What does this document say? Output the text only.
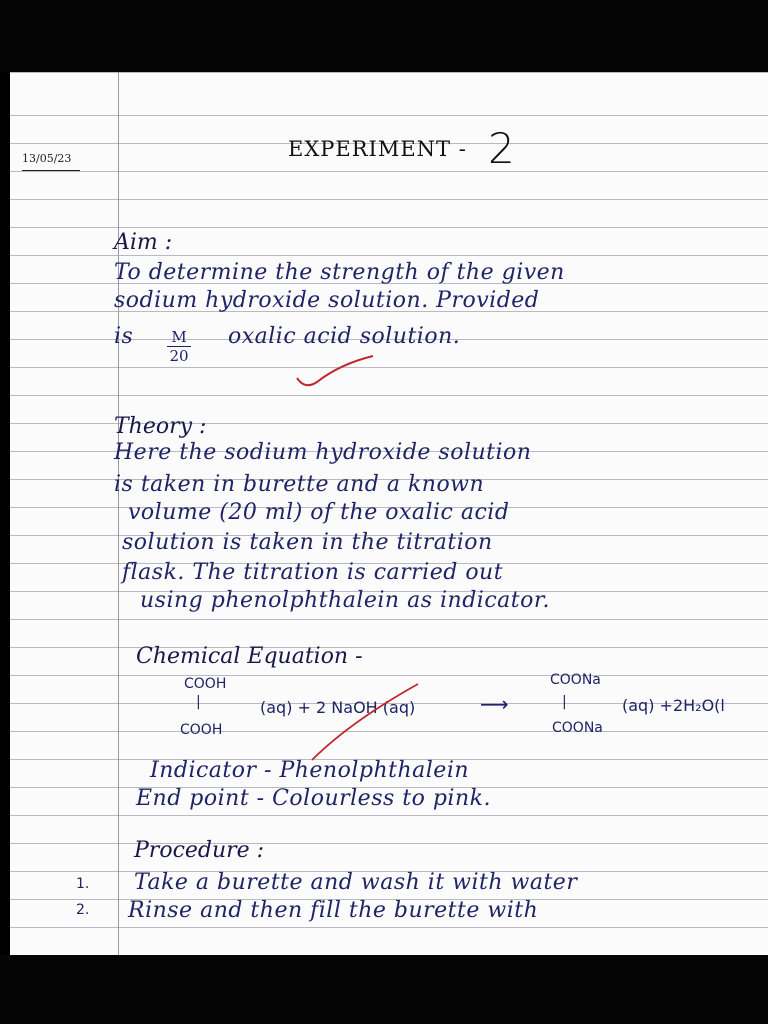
13/05/23	EXPERIMENT - 2
Aim :
To determine the strength of the given
sodium hydroxide solution. Provided
is $\frac{M}{20}$ oxalic acid solution.
Theory :
Here the sodium hydroxide solution
is taken in burette and a known
volume (20 ml) of the oxalic acid
solution is taken in the titration
flask. The titration is carried out
using phenolphthalein as indicator.
Chemical Equation -
COOH
|
COOH
(aq) + 2 NaOH (aq)	⟶
COONa
|
COONa
(aq) +2H₂O(l
Indicator - Phenolphthalein
End point - Colourless to pink.
Procedure :
1. Take a burette and wash it with water
2. Rinse and then fill the burette with
